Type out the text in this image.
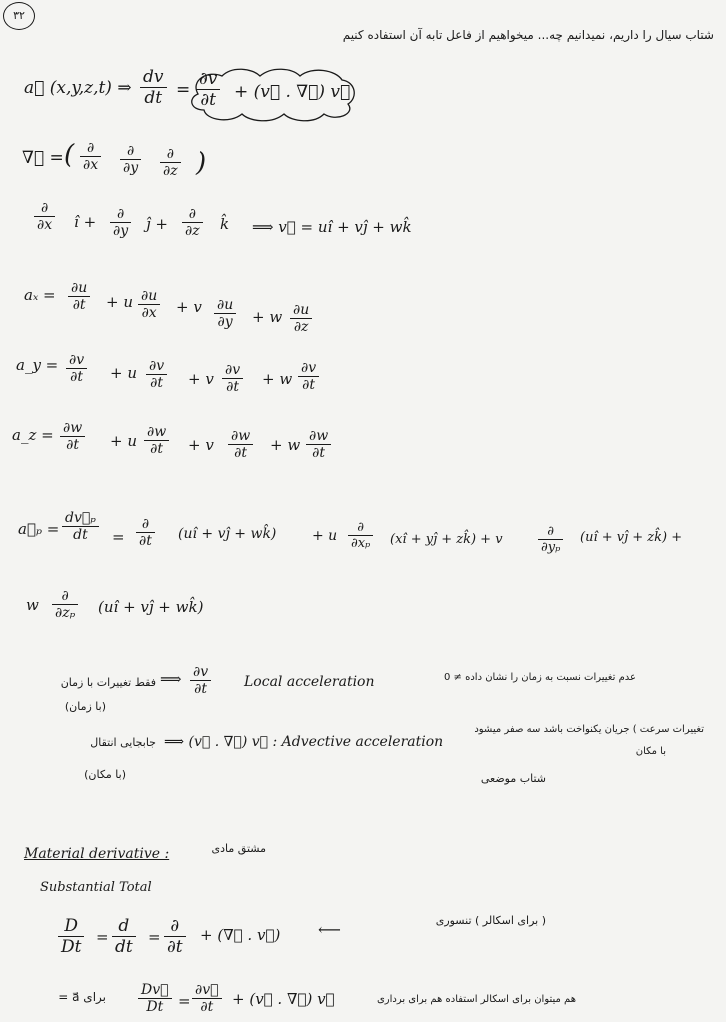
۳۲
شتاب سیال را داریم، نمیدانیم چه... میخواهیم از فاعل تابه آن استفاده کنیم
a⃗ (x,y,z,t) ⇒ $\frac{dv}{dt} = \frac{\partial v}{\partial t}$ + (v⃗ . ∇⃗) v⃗
∇⃗ = ( ∂
∂x
∂
∂y
∂
∂z )
∂
∂x î +	∂
∂y ĵ +
∂
∂z k̂ ⟹ v⃗ = uî + vĵ + wk̂
$a_x = \frac{\partial u}{\partial t} + u \frac{\partial u}{\partial x} + v \frac{\partial u}{\partial y} + w \frac{\partial u}{\partial z}$
a_y = $\frac{\partial v}{\partial t} + u \frac{\partial v}{\partial t} + v \frac{\partial v}{\partial t} + w \frac{\partial v}{\partial t}$
a_z = $\frac{\partial w}{\partial t} + u \frac{\partial w}{\partial t} + v \frac{\partial w}{\partial t} + w \frac{\partial w}{\partial t}$
a⃗ₚ = $\frac{\text{dv⃗ₚ}}{dt}$ =
∂
∂t (uî + vĵ + wk̂)	+ u
∂
∂xₚ (xî + yĵ + zk̂) + v
∂
∂yₚ
(uî + vĵ + zk̂) +
w	∂
∂zₚ (uî + vĵ + wk̂)
فقط تغییرات با زمان
(با زمان)
⟹ $\frac{\partial v}{\partial t}$ Local acceleration	عدم تغییرات نسبت به زمان را نشان داده ≠ 0
جابجایی انتقال
(با مکان)
⟹ (v⃗ . ∇⃗) v⃗ : Advective acceleration
تغییرات سرعت ) جریان یکنواخت باشد سه صفر میشود
با مکان
شتاب موضعی
Material derivative :	مشتق مادی
Substantial Total
$\frac{D}{Dt} = \frac{d}{dt}$ =
∂
∂t
+ (∇⃗ . v⃗) ⟵	( برای اسکالر ) تنسوری
برای a⃗ = $\frac{Dv⃗}{Dt} = \frac{\partial v⃗}{\partial t}$ + (v⃗ . ∇⃗) v⃗	هم میتوان برای اسکالر استفاده هم برای برداری
